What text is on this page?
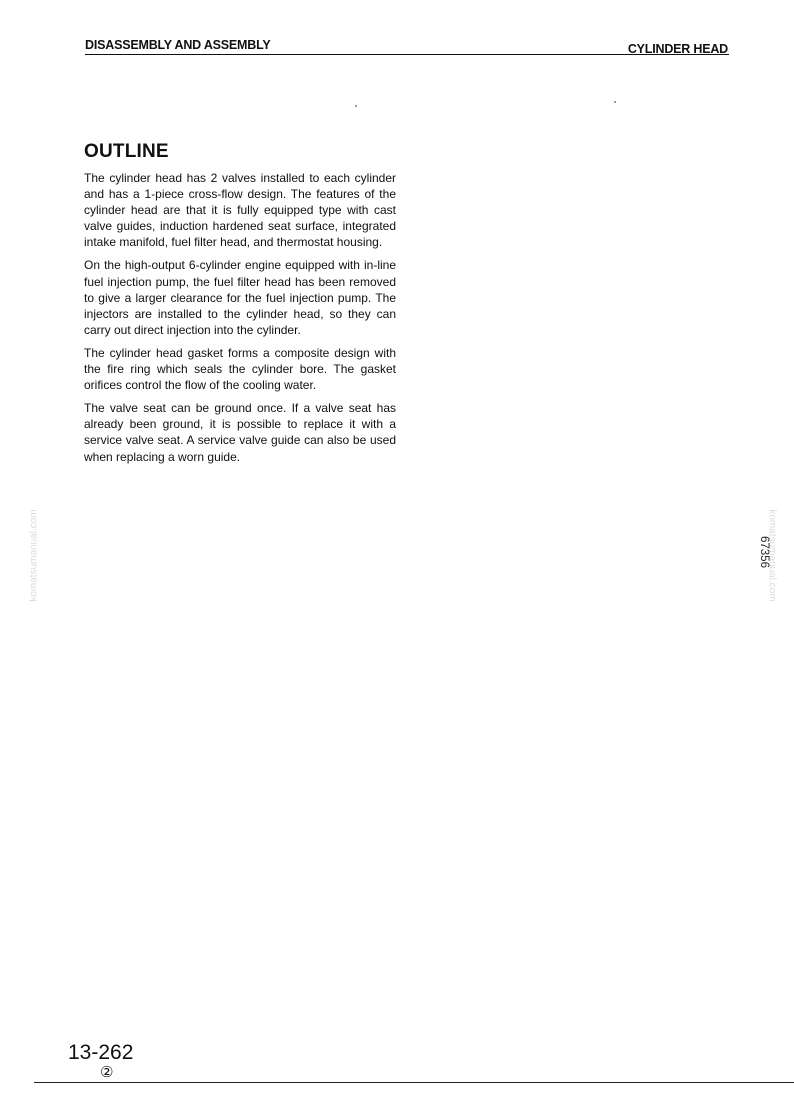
DISASSEMBLY AND ASSEMBLY	CYLINDER HEAD
OUTLINE

The cylinder head has 2 valves installed to each cylinder and has a 1-piece cross-flow design. The features of the cylinder head are that it is fully equipped type with cast valve guides, induction hardened seat surface, integrated intake manifold, fuel filter head, and thermostat housing.

On the high-output 6-cylinder engine equipped with in-line fuel injection pump, the fuel filter head has been removed to give a larger clearance for the fuel injection pump. The injectors are installed to the cylinder head, so they can carry out direct injection into the cylinder.

The cylinder head gasket forms a composite design with the fire ring which seals the cylinder bore. The gasket orifices control the flow of the cooling water.

The valve seat can be ground once. If a valve seat has already been ground, it is possible to replace it with a service valve seat. A service valve guide can also be used when replacing a worn guide.

komatsumanual.com	komatsumanual.com
67356
13-262
②
